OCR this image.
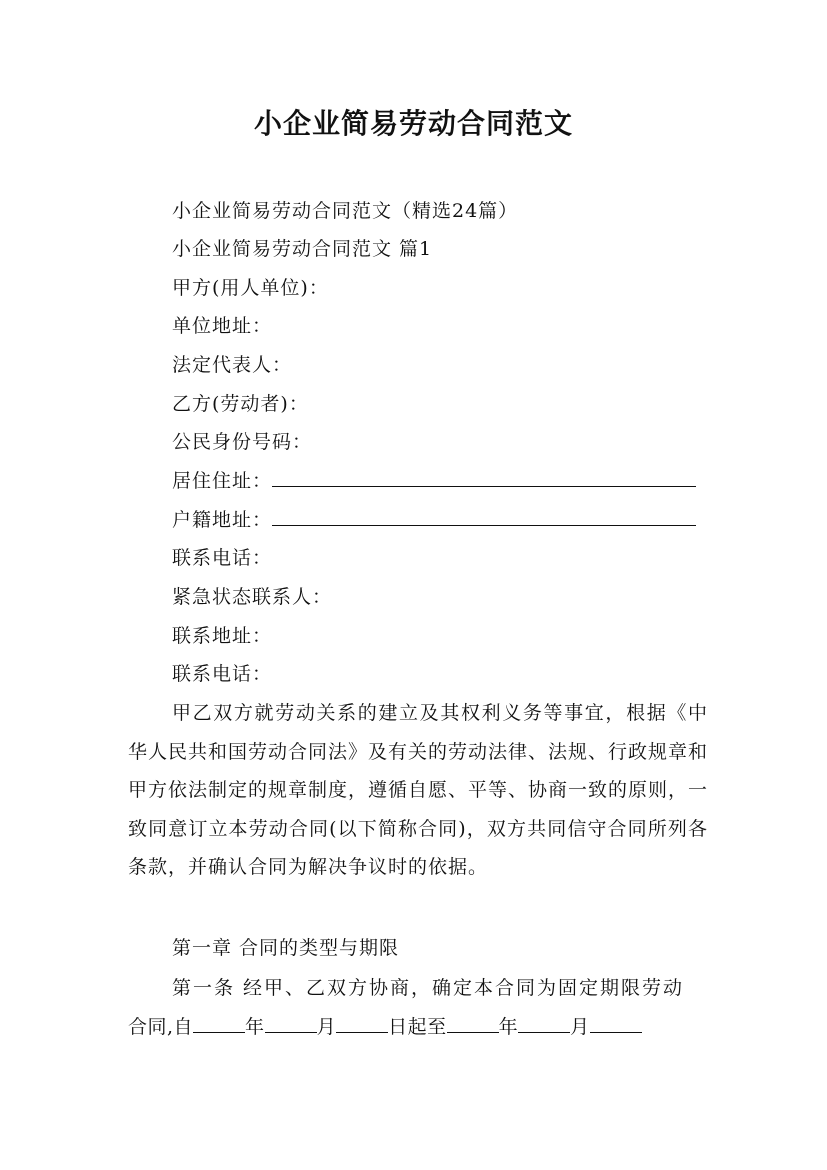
小企业简易劳动合同范文
小企业简易劳动合同范文（精选24篇）
小企业简易劳动合同范文 篇1
甲方(用人单位)：
单位地址：
法定代表人：
乙方(劳动者)：
公民身份号码：
居住住址：
户籍地址：
联系电话：
紧急状态联系人：
联系地址：
联系电话：

甲乙双方就劳动关系的建立及其权利义务等事宜，根据《中华人民共和国劳动合同法》及有关的劳动法律、法规、行政规章和甲方依法制定的规章制度，遵循自愿、平等、协商一致的原则，一致同意订立本劳动合同(以下简称合同)，双方共同信守合同所列各条款，并确认合同为解决争议时的依据。

第一章 合同的类型与期限
第一条 经甲、乙双方协商，确定本合同为固定期限劳动
合同,自	年	月	日起至	年	月
